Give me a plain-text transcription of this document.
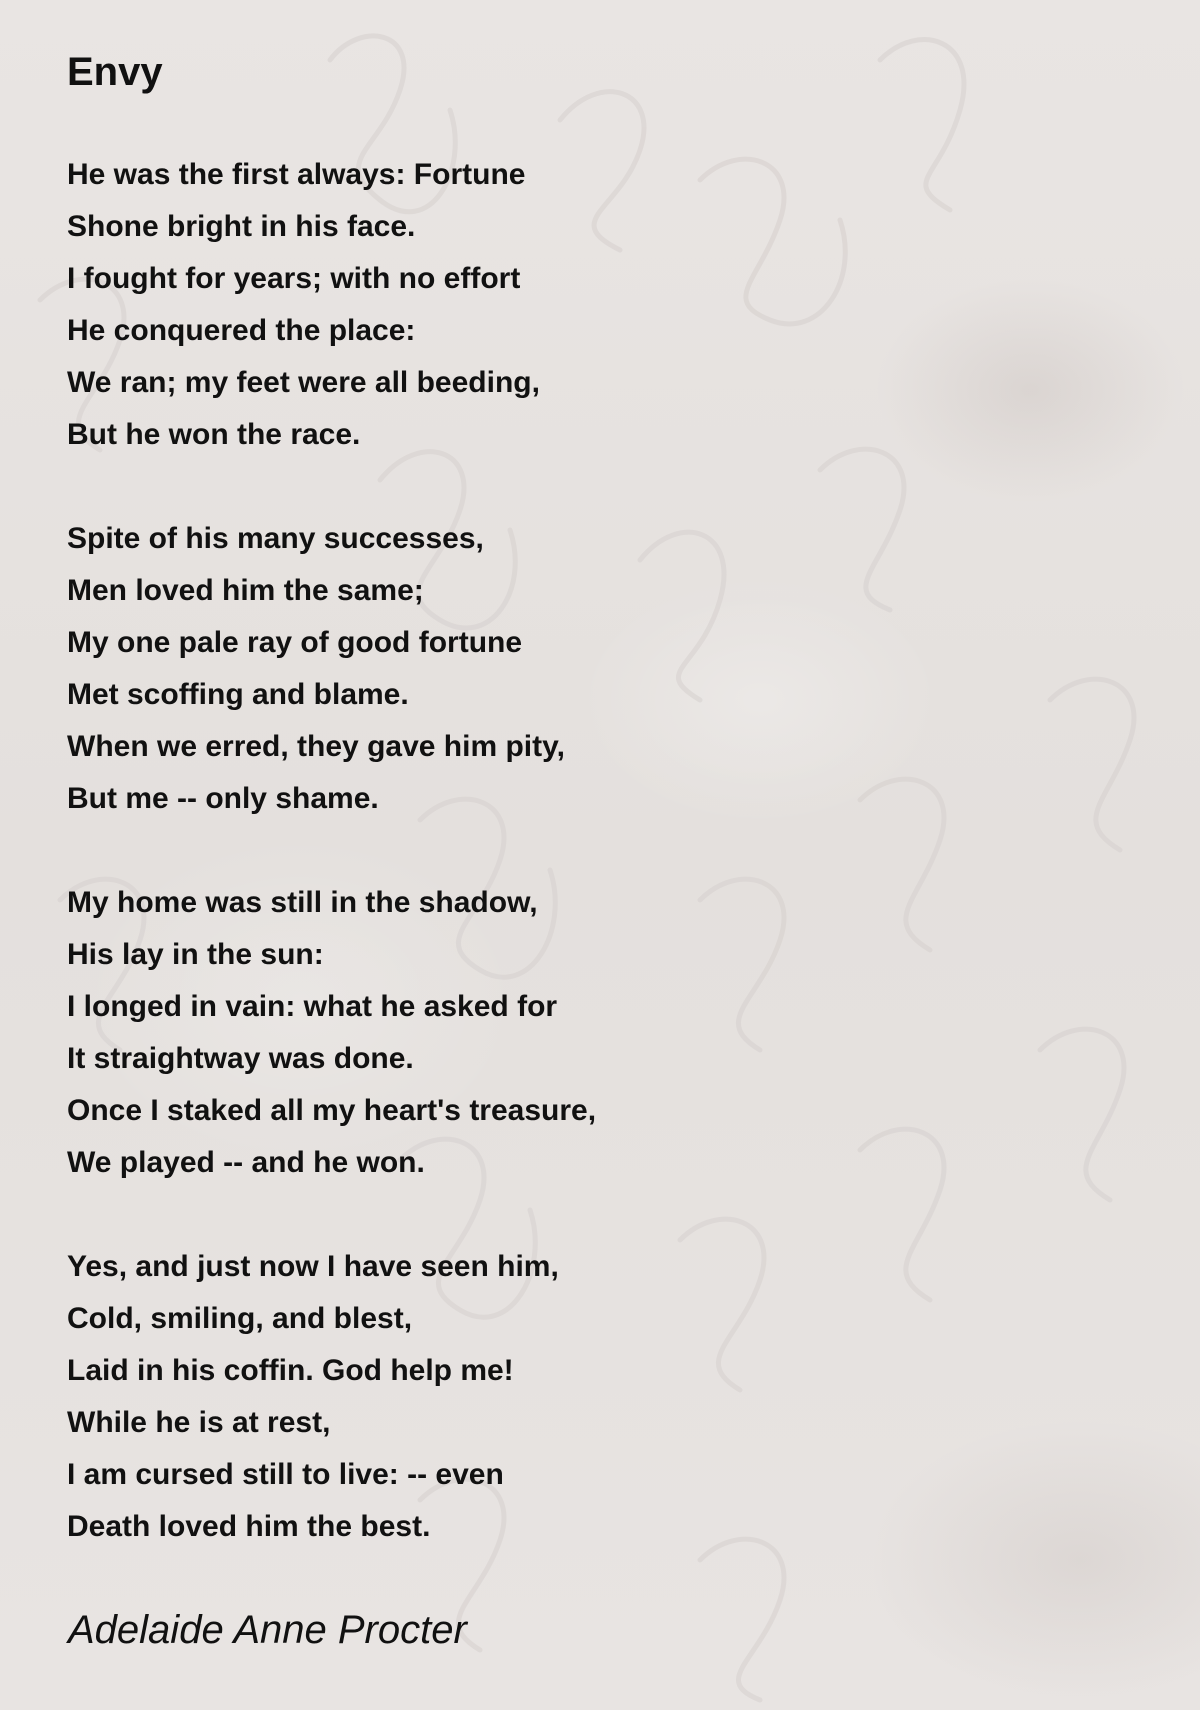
Envy
He was the first always: Fortune
Shone bright in his face.
I fought for years; with no effort
He conquered the place:
We ran; my feet were all beeding,
But he won the race.
Spite of his many successes,
Men loved him the same;
My one pale ray of good fortune
Met scoffing and blame.
When we erred, they gave him pity,
But me -- only shame.
My home was still in the shadow,
His lay in the sun:
I longed in vain: what he asked for
It straightway was done.
Once I staked all my heart's treasure,
We played -- and he won.
Yes, and just now I have seen him,
Cold, smiling, and blest,
Laid in his coffin. God help me!
While he is at rest,
I am cursed still to live: -- even
Death loved him the best.

Adelaide Anne Procter
